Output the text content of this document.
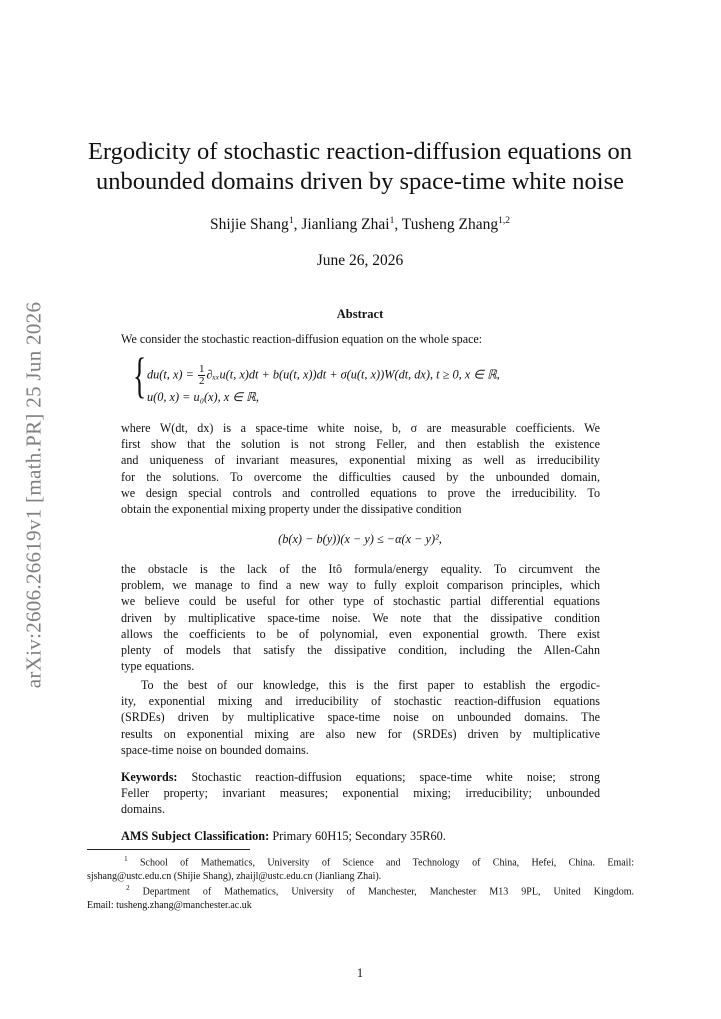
arXiv:2606.26619v1 [math.PR] 25 Jun 2026
Ergodicity of stochastic reaction-diffusion equations on
unbounded domains driven by space-time white noise
Shijie Shang$^1$, Jianliang Zhai$^1$, Tusheng Zhang$^{1,2}$
June 26, 2026
Abstract
We consider the stochastic reaction-diffusion equation on the whole space:
{ du(t, $x) = \frac{1}{2} \partial_{xx}u(t$, x)dt + b(u(t, x))dt + σ(u(t, x))W(dt, dx), t ≥ 0, x ∈ ℝ,
u(0, x) = u₀(x), x ∈ ℝ,
where W(dt, dx) is a space-time white noise, b, σ are measurable coefficients. We
first show that the solution is not strong Feller, and then establish the existence
and uniqueness of invariant measures, exponential mixing as well as irreducibility
for the solutions. To overcome the difficulties caused by the unbounded domain,
we design special controls and controlled equations to prove the irreducibility. To
obtain the exponential mixing property under the dissipative condition
(b(x) − b(y))(x − y) ≤ −α(x − y)²,
the obstacle is the lack of the Itô formula/energy equality. To circumvent the
problem, we manage to find a new way to fully exploit comparison principles, which
we believe could be useful for other type of stochastic partial differential equations
driven by multiplicative space-time noise. We note that the dissipative condition
allows the coefficients to be of polynomial, even exponential growth. There exist
plenty of models that satisfy the dissipative condition, including the Allen-Cahn
type equations.
To the best of our knowledge, this is the first paper to establish the ergodic-
ity, exponential mixing and irreducibility of stochastic reaction-diffusion equations
(SRDEs) driven by multiplicative space-time noise on unbounded domains. The
results on exponential mixing are also new for (SRDEs) driven by multiplicative
space-time noise on bounded domains.
Keywords: Stochastic reaction-diffusion equations; space-time white noise; strong
Feller property; invariant measures; exponential mixing; irreducibility; unbounded
domains.
AMS Subject Classification: Primary 60H15; Secondary 35R60.
$^1$ School of Mathematics, University of Science and Technology of China, Hefei, China. Email:
sjshang@ustc.edu.cn (Shijie Shang), zhaijl@ustc.edu.cn (Jianliang Zhai).
$^2$ Department of Mathematics, University of Manchester, Manchester M13 9PL, United Kingdom.
Email: tusheng.zhang@manchester.ac.uk
1
